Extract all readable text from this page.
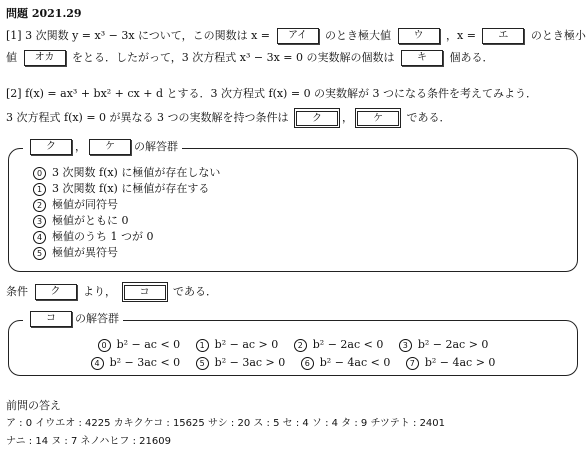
問題 2021.29
[1] 3 次関数 y = x³ − 3x について，この関数は x = アイ のとき極大値 ウ ，x = エ のとき極小
値 オカ をとる．したがって，3 次方程式 x³ − 3x = 0 の実数解の個数は キ 個ある．
[2] f(x) = ax³ + bx² + cx + d とする．3 次方程式 f(x) = 0 の実数解が 3 つになる条件を考えてみよう．
3 次方程式 f(x) = 0 が異なる 3 つの実数解を持つ条件は ク ， ケ である．
ク ， ケ の解答群
0 3 次関数 f(x) に極値が存在しない
1 3 次関数 f(x) に極値が存在する
2 極値が同符号
3 極値がともに 0
4 極値のうち 1 つが 0
5 極値が異符号
条件 ク より， コ である．
コ の解答群
0 b² − ac < 0 1 b² − ac > 0 2 b² − 2ac < 0 3 b² − 2ac > 0
4 b² − 3ac < 0 5 b² − 3ac > 0 6 b² − 4ac < 0 7 b² − 4ac > 0
前問の答え
ア : 0 イウエオ : 4225 カキクケコ : 15625 サシ : 20 ス : 5 セ : 4 ソ : 4 タ : 9 チツテト : 2401
ナニ : 14 ヌ : 7 ネノハヒフ : 21609
